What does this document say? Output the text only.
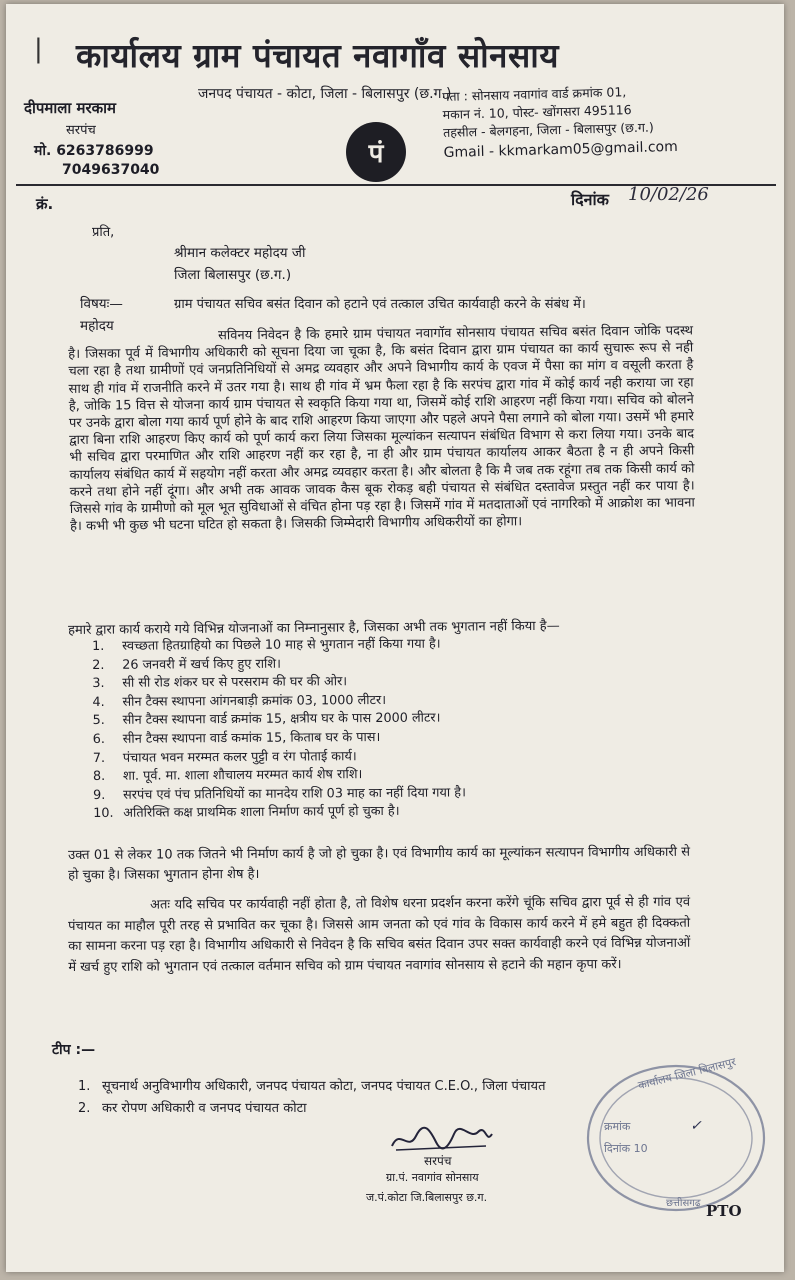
| कार्यालय ग्राम पंचायत नवागाँव सोनसाय
जनपद पंचायत - कोटा, जिला - बिलासपुर (छ.ग.)
दीपमाला मरकाम
सरपंच
मो. 6263786999
7049637040
पं
पता : सोनसाय नवागांव वार्ड क्रमांक 01,
मकान नं. 10, पोस्ट- खोंगसरा 495116
तहसील - बेलगहना, जिला - बिलासपुर (छ.ग.)
Gmail - kkmarkam05@gmail.com
क्रं.	दिनांक 10/02/26
प्रति,
श्रीमान कलेक्टर महोदय जी
जिला बिलासपुर (छ.ग.)
विषयः—	ग्राम पंचायत सचिव बसंत दिवान को हटाने एवं तत्काल उचित कार्यवाही करने के संबंध में।
महोदय	सविनय निवेदन है कि हमारे ग्राम पंचायत नवागॉव सोनसाय पंचायत सचिव बसंत दिवान जोकि पदस्थ है। जिसका पूर्व में विभागीय अधिकारी को सूचना दिया जा चूका है, कि बसंत दिवान द्वारा ग्राम पंचायत का कार्य सुचारू रूप से नही चला रहा है तथा ग्रामीणों एवं जनप्रतिनिधियों से अमद्र व्यवहार और अपने विभागीय कार्य के एवज में पैसा का मांग व वसूली करता है साथ ही गांव में राजनीति करने में उतर गया है। साथ ही गांव में भ्रम फैला रहा है कि सरपंच द्वारा गांव में कोई कार्य नही कराया जा रहा है, जोकि 15 वित्त से योजना कार्य ग्राम पंचायत से स्वकृति किया गया था, जिसमें कोई राशि आहरण नहीं किया गया। सचिव को बोलने पर उनके द्वारा बोला गया कार्य पूर्ण होने के बाद राशि आहरण किया जाएगा और पहले अपने पैसा लगाने को बोला गया। उसमें भी हमारे द्वारा बिना राशि आहरण किए कार्य को पूर्ण कार्य करा लिया जिसका मूल्यांकन सत्यापन संबंधित विभाग से करा लिया गया। उनके बाद भी सचिव द्वारा परमाणित और राशि आहरण नहीं कर रहा है, ना ही और ग्राम पंचायत कार्यालय आकर बैठता है न ही अपने किसी कार्यालय संबंधित कार्य में सहयोग नहीं करता और अमद्र व्यवहार करता है। और बोलता है कि मै जब तक रहूंगा तब तक किसी कार्य को करने तथा होने नहीं दूंगा। और अभी तक आवक जावक कैस बूक रोकड़ बही पंचायत से संबंधित दस्तावेज प्रस्तुत नहीं कर पाया है। जिससे गांव के ग्रामीणो को मूल भूत सुविधाओं से वंचित होना पड़ रहा है। जिसमें गांव में मतदाताओं एवं नागरिको में आक्रोश का भावना है। कभी भी कुछ भी घटना घटित हो सकता है। जिसकी जिम्मेदारी विभागीय अधिकरीयों का होगा।

हमारे द्वारा कार्य कराये गये विभिन्न योजनाओं का निम्नानुसार है, जिसका अभी तक भुगतान नहीं किया है—
1. स्वच्छता हितग्राहियो का पिछले 10 माह से भुगतान नहीं किया गया है।
2. 26 जनवरी में खर्च किए हुए राशि।
3. सी सी रोड शंकर घर से परसराम की घर की ओर।
4. सीन टैक्स स्थापना आंगनबाड़ी क्रमांक 03, 1000 लीटर।
5. सीन टैक्स स्थापना वार्ड क्रमांक 15, क्षत्रीय घर के पास 2000 लीटर।
6. सीन टैक्स स्थापना वार्ड कमांक 15, किताब घर के पास।
7. पंचायत भवन मरम्मत कलर पुट्टी व रंग पोताई कार्य।
8. शा. पूर्व. मा. शाला शौचालय मरम्मत कार्य शेष राशि।
9. सरपंच एवं पंच प्रतिनिधियों का मानदेय राशि 03 माह का नहीं दिया गया है।
10. अतिरिक्ति कक्ष प्राथमिक शाला निर्माण कार्य पूर्ण हो चुका है।
उक्त 01 से लेकर 10 तक जितने भी निर्माण कार्य है जो हो चुका है। एवं विभागीय कार्य का मूल्यांकन सत्यापन विभागीय अधिकारी से हो चुका है। जिसका भुगतान होना शेष है।

अतः यदि सचिव पर कार्यवाही नहीं होता है, तो विशेष धरना प्रदर्शन करना करेंगे चूंकि सचिव द्वारा पूर्व से ही गांव एवं पंचायत का माहौल पूरी तरह से प्रभावित कर चूका है। जिससे आम जनता को एवं गांव के विकास कार्य करने में हमे बहुत ही दिक्कतो का सामना करना पड़ रहा है। विभागीय अधिकारी से निवेदन है कि सचिव बसंत दिवान उपर सक्त कार्यवाही करने एवं विभिन्न योजनाओं में खर्च हुए राशि को भुगतान एवं तत्काल वर्तमान सचिव को ग्राम पंचायत नवागांव सोनसाय से हटाने की महान कृपा करें।

टीप :—
1. सूचनार्थ अनुविभागीय अधिकारी, जनपद पंचायत कोटा, जनपद पंचायत C.E.O., जिला पंचायत
2. कर रोपण अधिकारी व जनपद पंचायत कोटा
सरपंच
ग्रा.पं. नवागांव सोनसाय
ज.पं.कोटा जि.बिलासपुर छ.ग.
कार्यालय जिला बिलासपुर
क्रमांक
दिनांक 10
✓
छत्तीसगढ़ PTO
